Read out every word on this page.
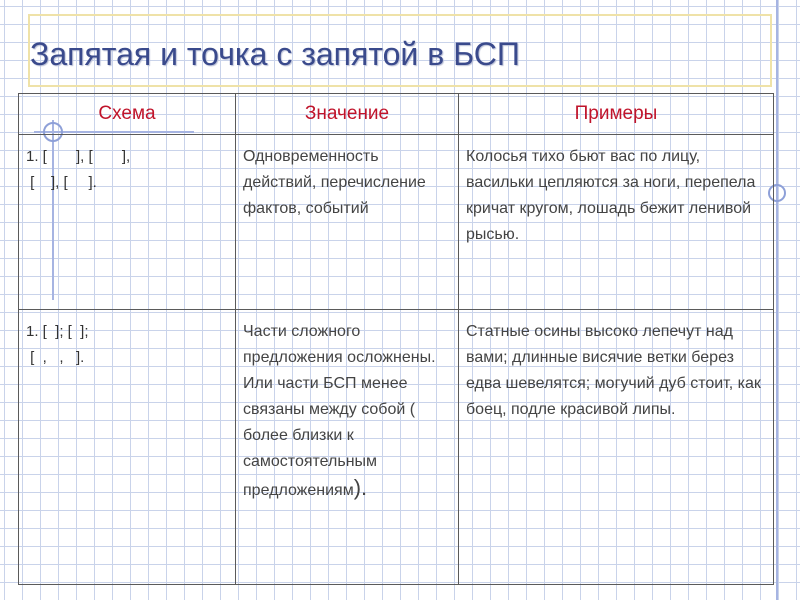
Запятая и точка с запятой в БСП
Схема	Значение	Примеры

1. [       ], [       ],
[    ], [     ].	Одновременность действий, перечисление фактов, событий	Колосья тихо бьют вас по лицу, васильки цепляются за ноги, перепела кричат кругом, лошадь бежит ленивой рысью.

1. [  ]; [  ];
[  ,   ,   ].	Части сложного предложения осложнены. Или части БСП менее связаны между собой ( более близки к самостоятельным предложениям).	Статные осины высоко лепечут над вами; длинные висячие ветки берез едва шевелятся; могучий дуб стоит, как боец, подле красивой липы.
